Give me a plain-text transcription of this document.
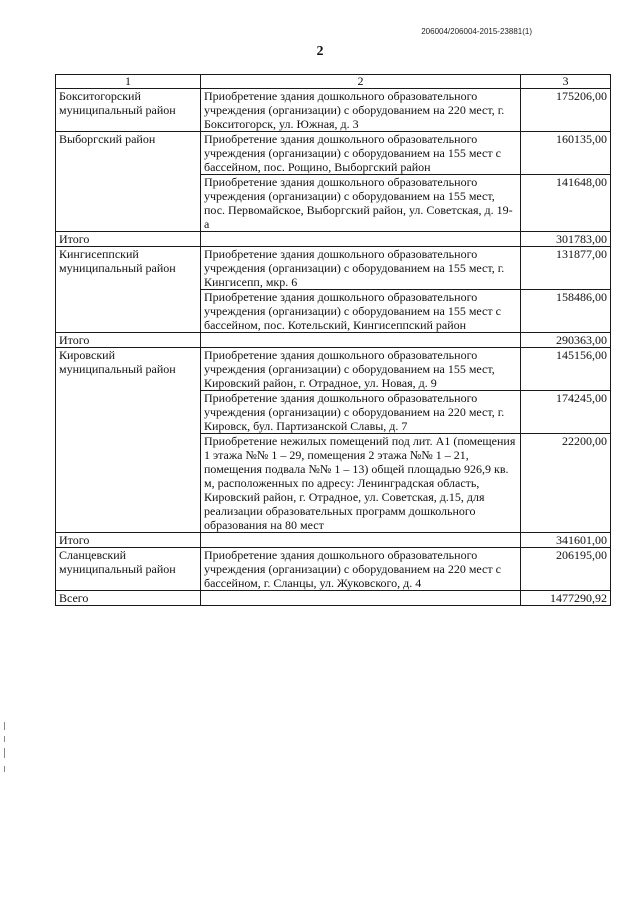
206004/206004-2015-23881(1)
2
1	2	3
Бокситогорский муниципальный район	Приобретение здания дошкольного образовательного учреждения (организации) с оборудованием на 220 мест, г. Бокситогорск, ул. Южная, д. 3	175206,00
Выборгский район	Приобретение здания дошкольного образовательного учреждения (организации) с оборудованием на 155 мест с бассейном, пос. Рощино, Выборгский район	160135,00
	Приобретение здания дошкольного образовательного учреждения (организации) с оборудованием на 155 мест, пос. Первомайское, Выборгский район, ул. Советская, д. 19-а	141648,00
Итого		301783,00
Кингисеппский муниципальный район	Приобретение здания дошкольного образовательного учреждения (организации) с оборудованием на 155 мест, г. Кингисепп, мкр. 6	131877,00
	Приобретение здания дошкольного образовательного учреждения (организации) с оборудованием на 155 мест с бассейном, пос. Котельский, Кингисеппский район	158486,00
Итого		290363,00
Кировский муниципальный район	Приобретение здания дошкольного образовательного учреждения (организации) с оборудованием на 155 мест, Кировский район, г. Отрадное, ул. Новая, д. 9	145156,00
	Приобретение здания дошкольного образовательного учреждения (организации) с оборудованием на 220 мест, г. Кировск, бул. Партизанской Славы, д. 7	174245,00
	Приобретение нежилых помещений под лит. А1 (помещения 1 этажа №№ 1 – 29, помещения 2 этажа №№ 1 – 21, помещения подвала №№ 1 – 13) общей площадью 926,9 кв. м, расположенных по адресу: Ленинградская область, Кировский район, г. Отрадное, ул. Советская, д.15, для реализации образовательных программ дошкольного образования на 80 мест	22200,00
Итого		341601,00
Сланцевский муниципальный район	Приобретение здания дошкольного образовательного учреждения (организации) с оборудованием на 220 мест с бассейном, г. Сланцы, ул. Жуковского, д. 4	206195,00
Всего		1477290,92
